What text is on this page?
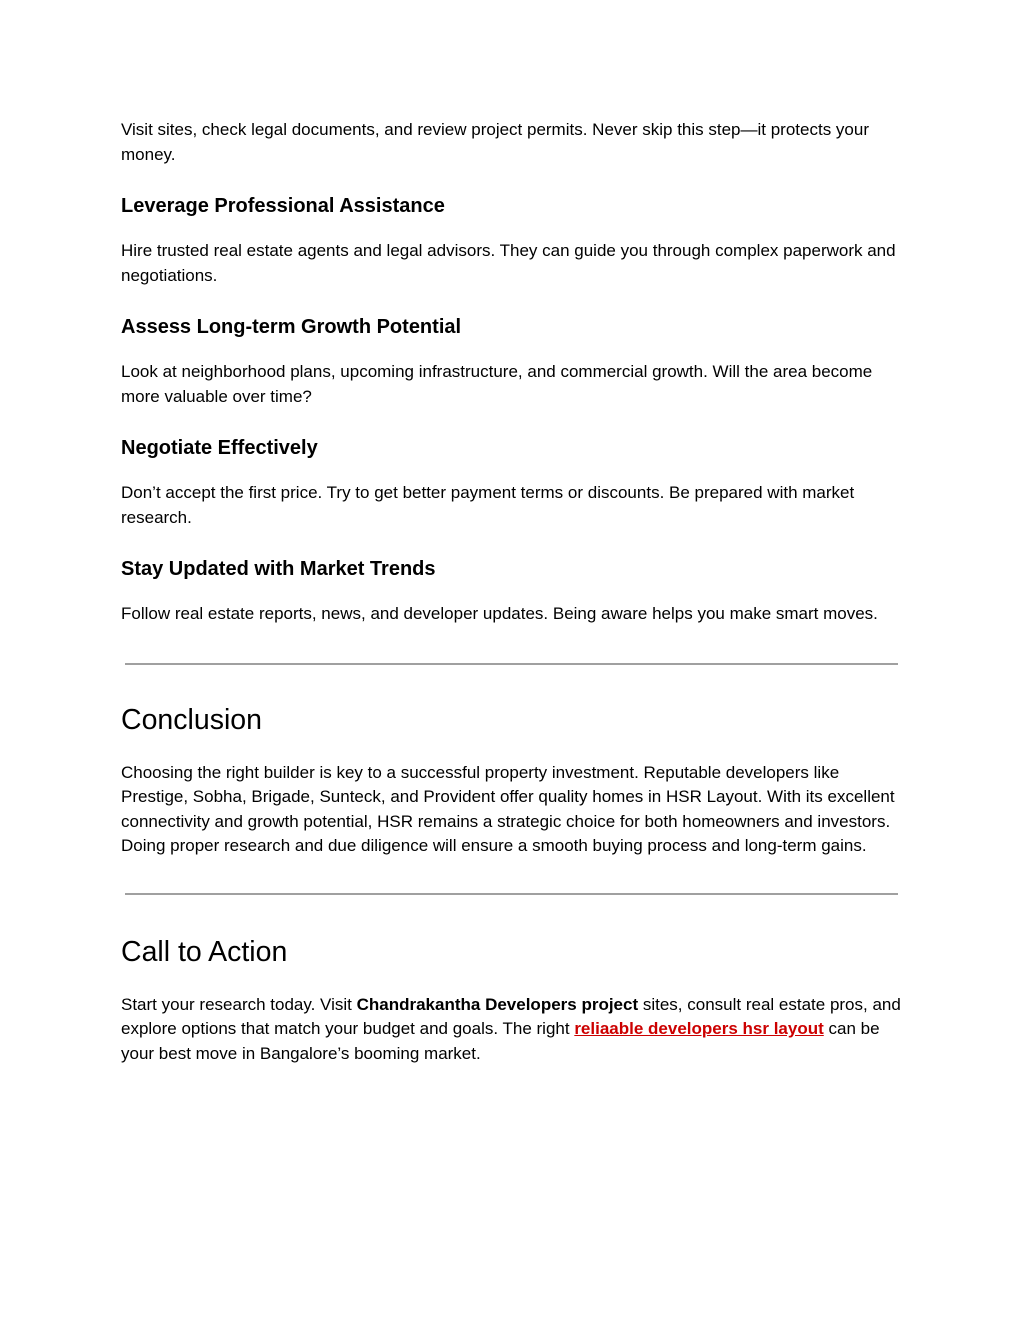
Visit sites, check legal documents, and review project permits. Never skip this step—it protects your money.

Leverage Professional Assistance

Hire trusted real estate agents and legal advisors. They can guide you through complex paperwork and negotiations.

Assess Long-term Growth Potential

Look at neighborhood plans, upcoming infrastructure, and commercial growth. Will the area become more valuable over time?

Negotiate Effectively

Don’t accept the first price. Try to get better payment terms or discounts. Be prepared with market research.

Stay Updated with Market Trends

Follow real estate reports, news, and developer updates. Being aware helps you make smart moves.

Conclusion

Choosing the right builder is key to a successful property investment. Reputable developers like Prestige, Sobha, Brigade, Sunteck, and Provident offer quality homes in HSR Layout. With its excellent connectivity and growth potential, HSR remains a strategic choice for both homeowners and investors. Doing proper research and due diligence will ensure a smooth buying process and long-term gains.

Call to Action

Start your research today. Visit Chandrakantha Developers project sites, consult real estate pros, and explore options that match your budget and goals. The right reliaable developers hsr layout can be your best move in Bangalore’s booming market.
